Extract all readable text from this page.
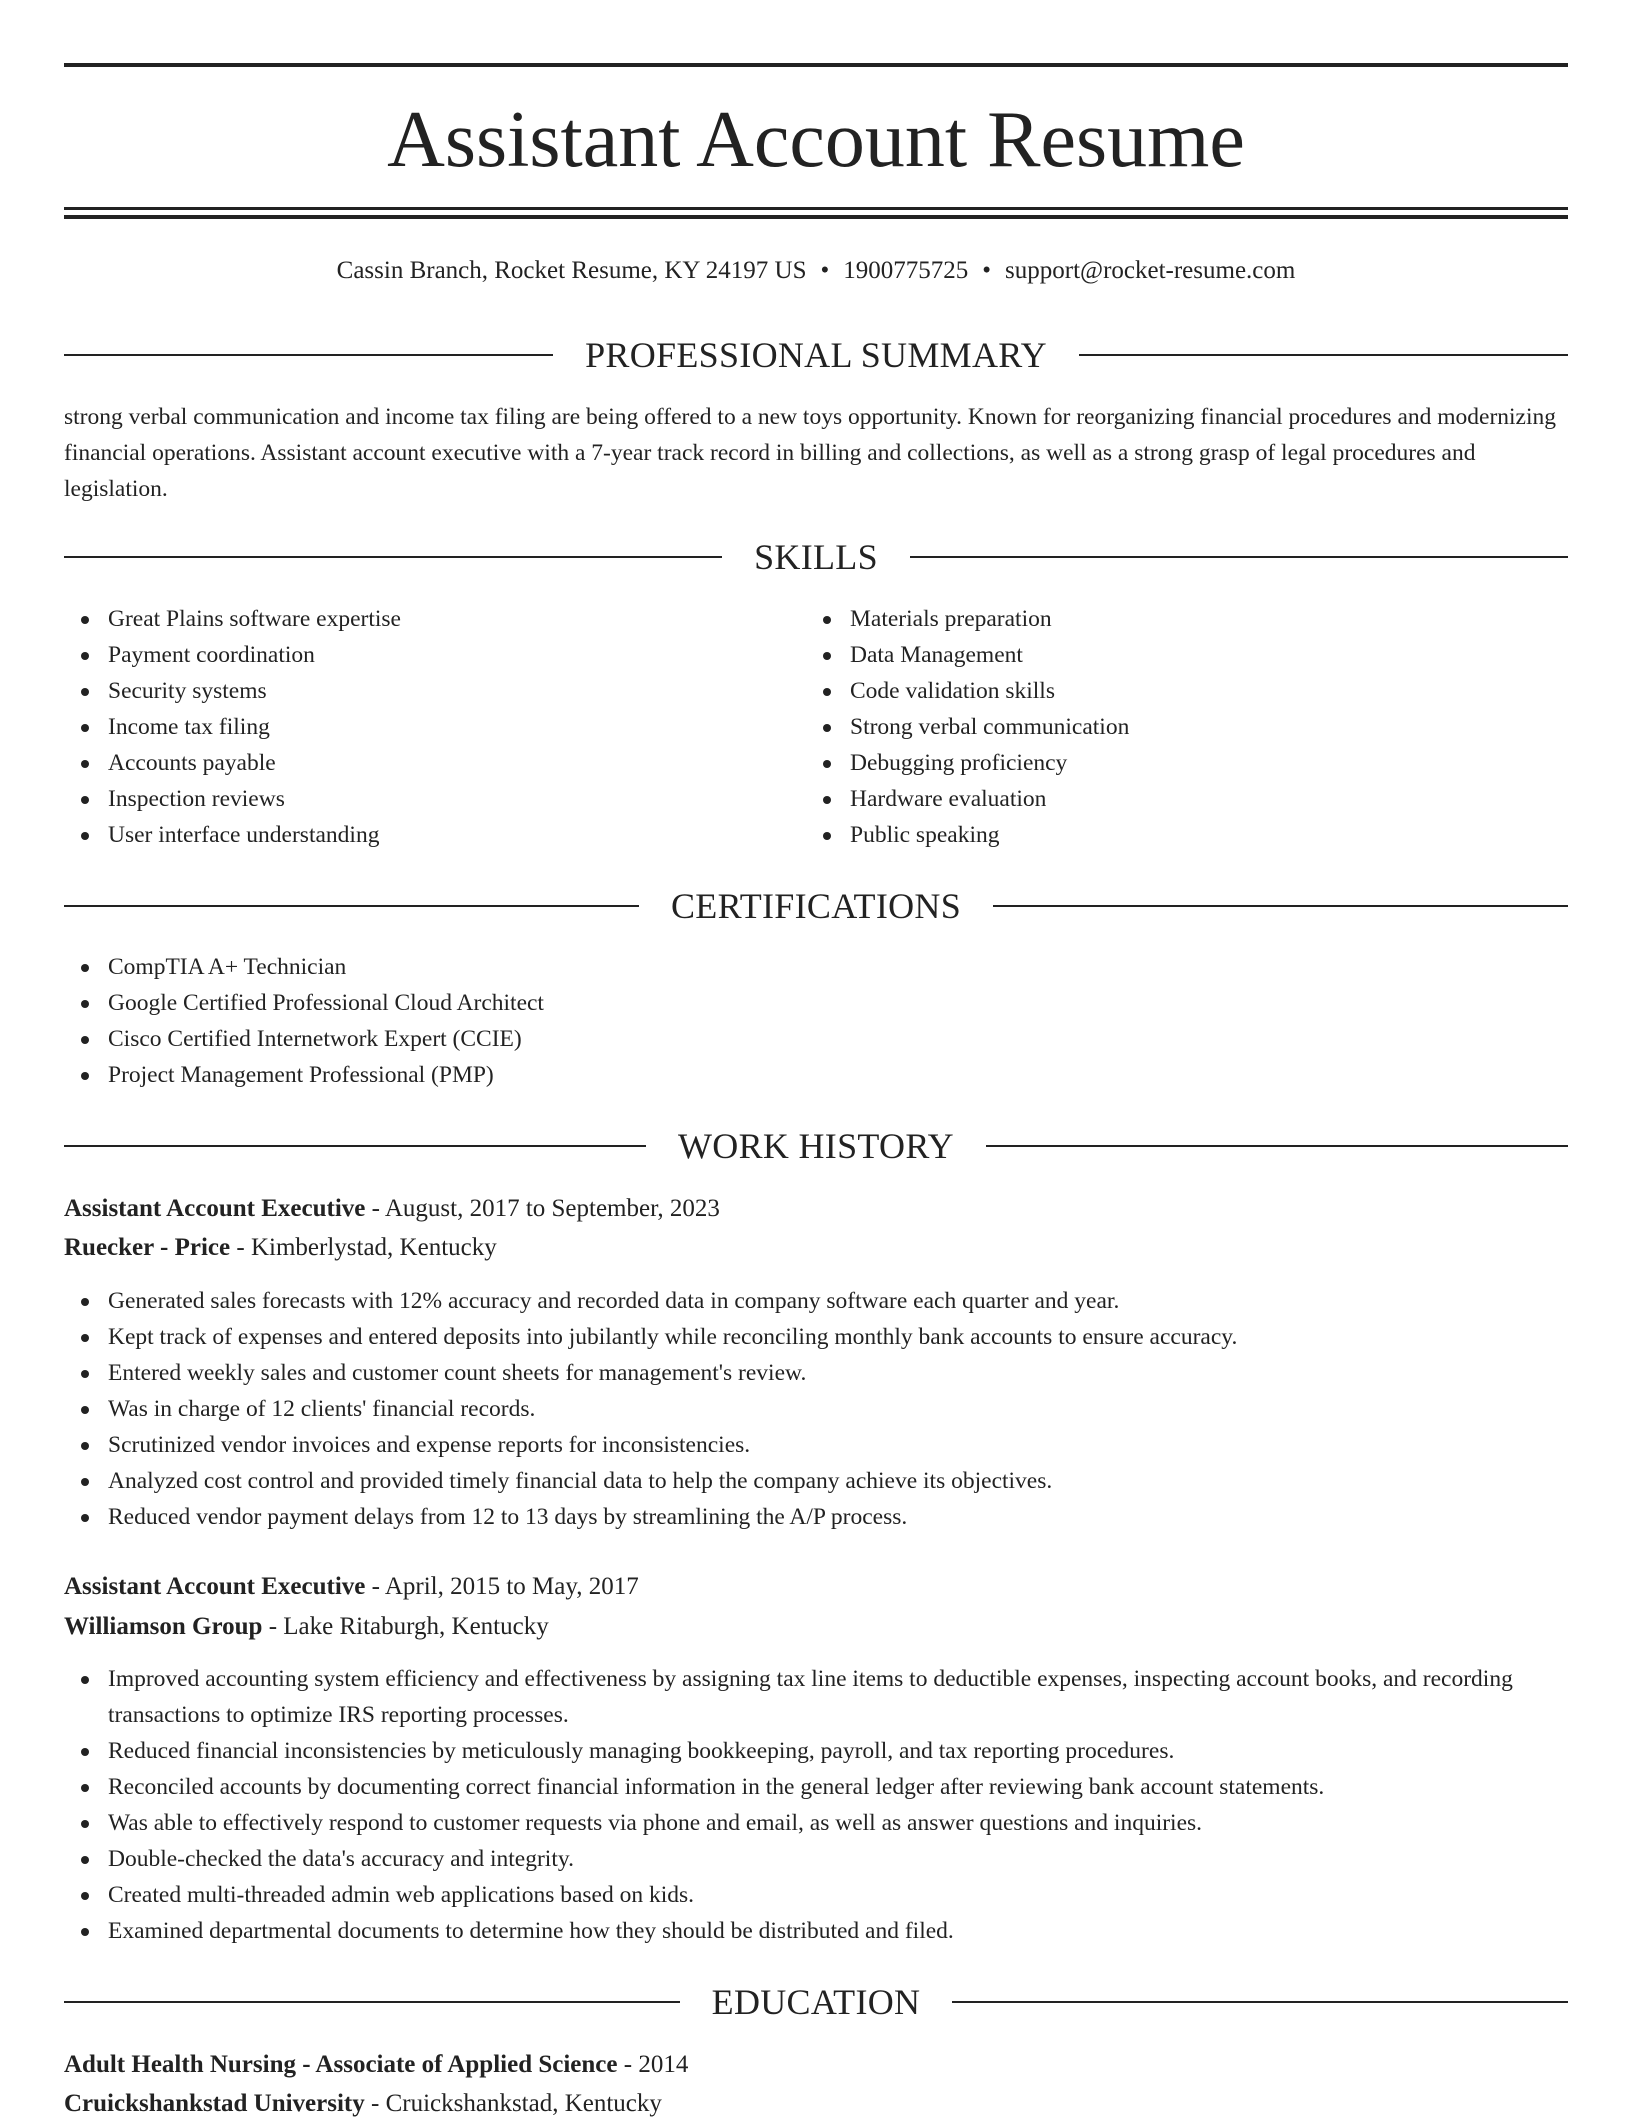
Assistant Account Resume
Cassin Branch, Rocket Resume, KY 24197 US • 1900775725 • support@rocket-resume.com
PROFESSIONAL SUMMARY

strong verbal communication and income tax filing are being offered to a new toys opportunity. Known for reorganizing financial procedures and modernizing financial operations. Assistant account executive with a 7-year track record in billing and collections, as well as a strong grasp of legal procedures and legislation.

SKILLS
Great Plains software expertise
Payment coordination
Security systems
Income tax filing
Accounts payable
Inspection reviews
User interface understanding
Materials preparation
Data Management
Code validation skills
Strong verbal communication
Debugging proficiency
Hardware evaluation
Public speaking
CERTIFICATIONS
CompTIA A+ Technician
Google Certified Professional Cloud Architect
Cisco Certified Internetwork Expert (CCIE)
Project Management Professional (PMP)
WORK HISTORY
Assistant Account Executive - August, 2017 to September, 2023
Ruecker - Price - Kimberlystad, Kentucky
Generated sales forecasts with 12% accuracy and recorded data in company software each quarter and year.
Kept track of expenses and entered deposits into jubilantly while reconciling monthly bank accounts to ensure accuracy.
Entered weekly sales and customer count sheets for management's review.
Was in charge of 12 clients' financial records.
Scrutinized vendor invoices and expense reports for inconsistencies.
Analyzed cost control and provided timely financial data to help the company achieve its objectives.
Reduced vendor payment delays from 12 to 13 days by streamlining the A/P process.
Assistant Account Executive - April, 2015 to May, 2017
Williamson Group - Lake Ritaburgh, Kentucky
Improved accounting system efficiency and effectiveness by assigning tax line items to deductible expenses, inspecting account books, and recording transactions to optimize IRS reporting processes.
Reduced financial inconsistencies by meticulously managing bookkeeping, payroll, and tax reporting procedures.
Reconciled accounts by documenting correct financial information in the general ledger after reviewing bank account statements.
Was able to effectively respond to customer requests via phone and email, as well as answer questions and inquiries.
Double-checked the data's accuracy and integrity.
Created multi-threaded admin web applications based on kids.
Examined departmental documents to determine how they should be distributed and filed.
EDUCATION
Adult Health Nursing - Associate of Applied Science - 2014
Cruickshankstad University - Cruickshankstad, Kentucky
